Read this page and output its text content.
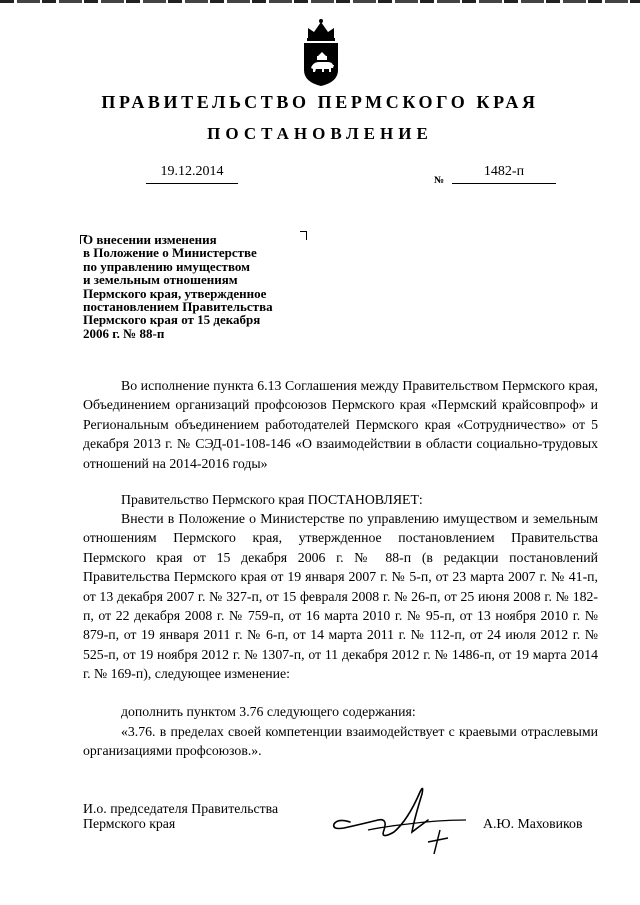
ПРАВИТЕЛЬСТВО ПЕРМСКОГО КРАЯ
ПОСТАНОВЛЕНИЕ
19.12.2014
№
1482-п
О внесении изменения
в Положение о Министерстве
по управлению имуществом
и земельным отношениям
Пермского края, утвержденное
постановлением Правительства
Пермского края от 15 декабря
2006 г. № 88-п
Во исполнение пункта 6.13 Соглашения между Правительством Пермского края, Объединением организаций профсоюзов Пермского края «Пермский крайсовпроф» и Региональным объединением работодателей Пермского края «Сотрудничество» от 5 декабря 2013 г. № СЭД-01-108-146 «О взаимодействии в области социально-трудовых отношений на 2014-2016 годы»
Правительство Пермского края ПОСТАНОВЛЯЕТ:
Внести в Положение о Министерстве по управлению имуществом и земельным отношениям Пермского края, утвержденное постановлением Правительства Пермского края от 15 декабря 2006 г. № 88-п (в редакции постановлений Правительства Пермского края от 19 января 2007 г. № 5-п, от 23 марта 2007 г. № 41-п, от 13 декабря 2007 г. № 327-п, от 15 февраля 2008 г. № 26-п, от 25 июня 2008 г. № 182-п, от 22 декабря 2008 г. № 759-п, от 16 марта 2010 г. № 95-п, от 13 ноября 2010 г. № 879-п, от 19 января 2011 г. № 6-п, от 14 марта 2011 г. № 112-п, от 24 июля 2012 г. № 525-п, от 19 ноября 2012 г. № 1307-п, от 11 декабря 2012 г. № 1486-п, от 19 марта 2014 г. № 169-п), следующее изменение:
дополнить пунктом 3.76 следующего содержания:
«3.76. в пределах своей компетенции взаимодействует с краевыми отраслевыми организациями профсоюзов.».
И.о. председателя Правительства
Пермского края	А.Ю. Маховиков
